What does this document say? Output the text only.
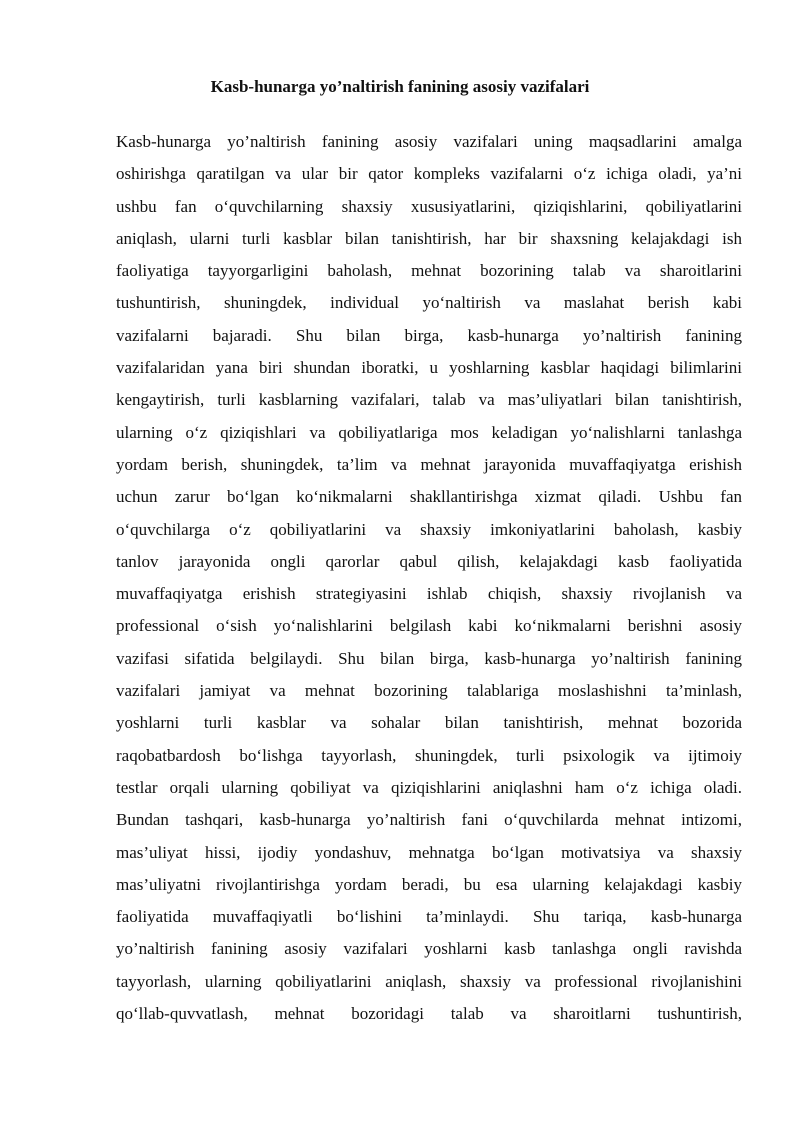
Kasb-hunarga yo’naltirish fanining asosiy vazifalari
Kasb-hunarga yo’naltirish fanining asosiy vazifalari uning maqsadlarini amalga
oshirishga qaratilgan va ular bir qator kompleks vazifalarni o‘z ichiga oladi, ya’ni
ushbu fan o‘quvchilarning shaxsiy xususiyatlarini, qiziqishlarini, qobiliyatlarini
aniqlash, ularni turli kasblar bilan tanishtirish, har bir shaxsning kelajakdagi ish
faoliyatiga tayyorgarligini baholash, mehnat bozorining talab va sharoitlarini
tushuntirish, shuningdek, individual yo‘naltirish va maslahat berish kabi
vazifalarni bajaradi. Shu bilan birga, kasb-hunarga yo’naltirish fanining
vazifalaridan yana biri shundan iboratki, u yoshlarning kasblar haqidagi bilimlarini
kengaytirish, turli kasblarning vazifalari, talab va mas’uliyatlari bilan tanishtirish,
ularning o‘z qiziqishlari va qobiliyatlariga mos keladigan yo‘nalishlarni tanlashga
yordam berish, shuningdek, ta’lim va mehnat jarayonida muvaffaqiyatga erishish
uchun zarur bo‘lgan ko‘nikmalarni shakllantirishga xizmat qiladi. Ushbu fan
o‘quvchilarga o‘z qobiliyatlarini va shaxsiy imkoniyatlarini baholash, kasbiy
tanlov jarayonida ongli qarorlar qabul qilish, kelajakdagi kasb faoliyatida
muvaffaqiyatga erishish strategiyasini ishlab chiqish, shaxsiy rivojlanish va
professional o‘sish yo‘nalishlarini belgilash kabi ko‘nikmalarni berishni asosiy
vazifasi sifatida belgilaydi. Shu bilan birga, kasb-hunarga yo’naltirish fanining
vazifalari jamiyat va mehnat bozorining talablariga moslashishni ta’minlash,
yoshlarni turli kasblar va sohalar bilan tanishtirish, mehnat bozorida
raqobatbardosh bo‘lishga tayyorlash, shuningdek, turli psixologik va ijtimoiy
testlar orqali ularning qobiliyat va qiziqishlarini aniqlashni ham o‘z ichiga oladi.
Bundan tashqari, kasb-hunarga yo’naltirish fani o‘quvchilarda mehnat intizomi,
mas’uliyat hissi, ijodiy yondashuv, mehnatga bo‘lgan motivatsiya va shaxsiy
mas’uliyatni rivojlantirishga yordam beradi, bu esa ularning kelajakdagi kasbiy
faoliyatida muvaffaqiyatli bo‘lishini ta’minlaydi. Shu tariqa, kasb-hunarga
yo’naltirish fanining asosiy vazifalari yoshlarni kasb tanlashga ongli ravishda
tayyorlash, ularning qobiliyatlarini aniqlash, shaxsiy va professional rivojlanishini
qo‘llab-quvvatlash, mehnat bozoridagi talab va sharoitlarni tushuntirish,
